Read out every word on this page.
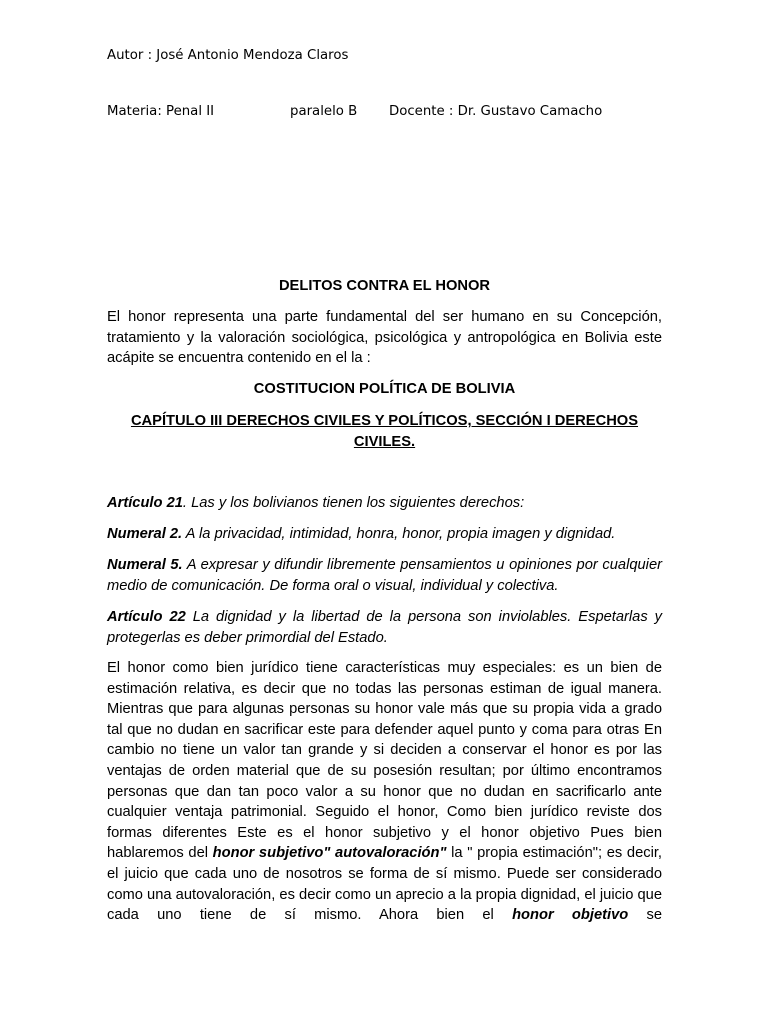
Autor : José Antonio Mendoza Claros
Materia: Penal II	paralelo B Docente : Dr. Gustavo Camacho
DELITOS CONTRA EL HONOR
El honor representa una parte fundamental del ser humano en su Concepción, tratamiento y la valoración sociológica, psicológica y antropológica en Bolivia este acápite se encuentra contenido en el la :
COSTITUCION POLÍTICA DE BOLIVIA
CAPÍTULO III DERECHOS CIVILES Y POLÍTICOS, SECCIÓN I DERECHOS CIVILES.
Artículo 21. Las y los bolivianos tienen los siguientes derechos:
Numeral 2. A la privacidad, intimidad, honra, honor, propia imagen y dignidad.
Numeral 5. A expresar y difundir libremente pensamientos u opiniones por cualquier medio de comunicación. De forma oral o visual, individual y colectiva.
Artículo 22 La dignidad y la libertad de la persona son inviolables. Espetarlas y protegerlas es deber primordial del Estado.
El honor como bien jurídico tiene características muy especiales: es un bien de estimación relativa, es decir que no todas las personas estiman de igual manera. Mientras que para algunas personas su honor vale más que su propia vida a grado tal que no dudan en sacrificar este para defender aquel punto y coma para otras En cambio no tiene un valor tan grande y si deciden a conservar el honor es por las ventajas de orden material que de su posesión resultan; por último encontramos personas que dan tan poco valor a su honor que no dudan en sacrificarlo ante cualquier ventaja patrimonial. Seguido el honor, Como bien jurídico reviste dos formas diferentes Este es el honor subjetivo y el honor objetivo Pues bien hablaremos del honor subjetivo" autovaloración" la " propia estimación"; es decir, el juicio que cada uno de nosotros se forma de sí mismo. Puede ser considerado como una autovaloración, es decir como un aprecio a la propia dignidad, el juicio que cada uno tiene de sí mismo. Ahora bien el honor objetivo se
